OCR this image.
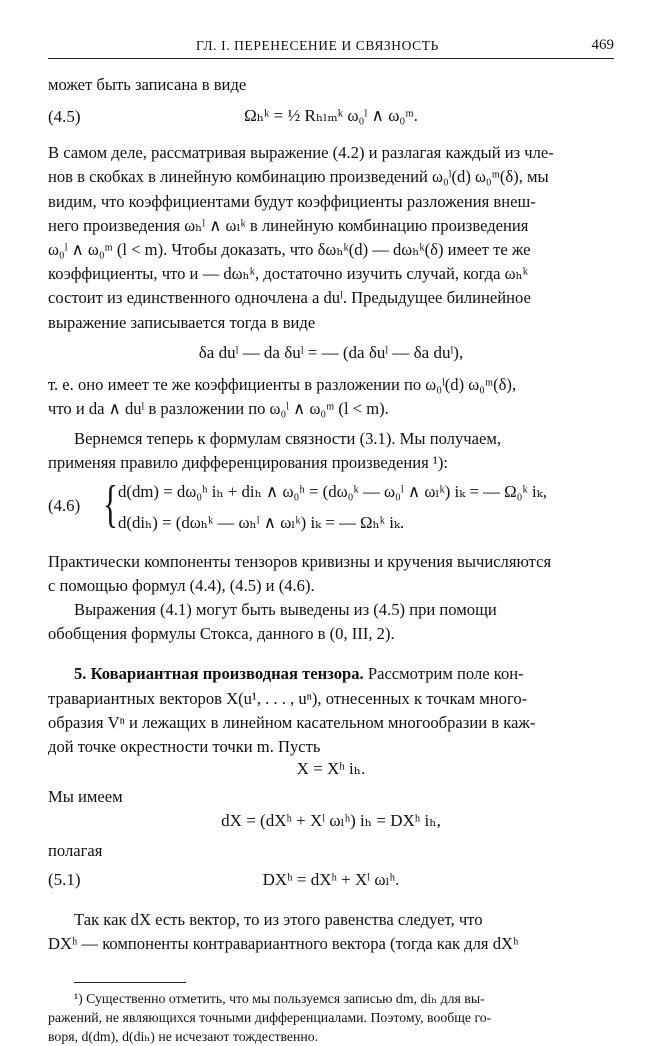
ГЛ. I. ПЕРЕНЕСЕНИЕ И СВЯЗНОСТЬ	469
может быть записана в виде
(4.5)	Ωₕᵏ = ½ Rₕₗₘᵏ ω₀ˡ ∧ ω₀ᵐ.

В самом деле, рассматривая выражение (4.2) и разлагая каждый из чле-

нов в скобках в линейную комбинацию произведений ω₀ˡ(d) ω₀ᵐ(δ), мы

видим, что коэффициентами будут коэффициенты разложения внеш-

него произведения ωₕˡ ∧ ωₗᵏ в линейную комбинацию произведения

ω₀ˡ ∧ ω₀ᵐ (l < m). Чтобы доказать, что δωₕᵏ(d) — dωₕᵏ(δ) имеет те же

коэффициенты, что и — dωₕᵏ, достаточно изучить случай, когда ωₕᵏ

состоит из единственного одночлена a duˡ. Предыдущее билинейное

выражение записывается тогда в виде

δa duˡ — da δuˡ = — (da δuˡ — δa duˡ),

т. е. оно имеет те же коэффициенты в разложении по ω₀ˡ(d) ω₀ᵐ(δ),

что и da ∧ duˡ в разложении по ω₀ˡ ∧ ω₀ᵐ (l < m).

Вернемся теперь к формулам связности (3.1). Мы получаем,

применяя правило дифференцирования произведения ¹):

(4.6) { d(dm) = dω₀ʰ iₕ + diₕ ∧ ω₀ʰ = (dω₀ᵏ — ω₀ˡ ∧ ωₗᵏ) iₖ = — Ω₀ᵏ iₖ,
d(diₕ) = (dωₕᵏ — ωₕˡ ∧ ωₗᵏ) iₖ = — Ωₕᵏ iₖ.

Практически компоненты тензоров кривизны и кручения вычисляются

с помощью формул (4.4), (4.5) и (4.6).

Выражения (4.1) могут быть выведены из (4.5) при помощи

обобщения формулы Стокса, данного в (0, III, 2).

5. Ковариантная производная тензора. Рассмотрим поле кон-

травариантных векторов X(u¹, . . . , uⁿ), отнесенных к точкам много-

образия Vⁿ и лежащих в линейном касательном многообразии в каж-

дой точке окрестности точки m. Пусть

X = Xʰ iₕ.
Мы имеем
dX = (dXʰ + Xˡ ωₗʰ) iₕ = DXʰ iₕ,
полагая
(5.1)	DXʰ = dXʰ + Xˡ ωₗʰ.

Так как dX есть вектор, то из этого равенства следует, что

DXʰ — компоненты контравариантного вектора (тогда как для dXʰ

¹) Существенно отметить, что мы пользуемся записью dm, diₕ для вы-

ражений, не являющихся точными дифференциалами. Поэтому, вообще го-

воря, d(dm), d(diₕ) не исчезают тождественно.
